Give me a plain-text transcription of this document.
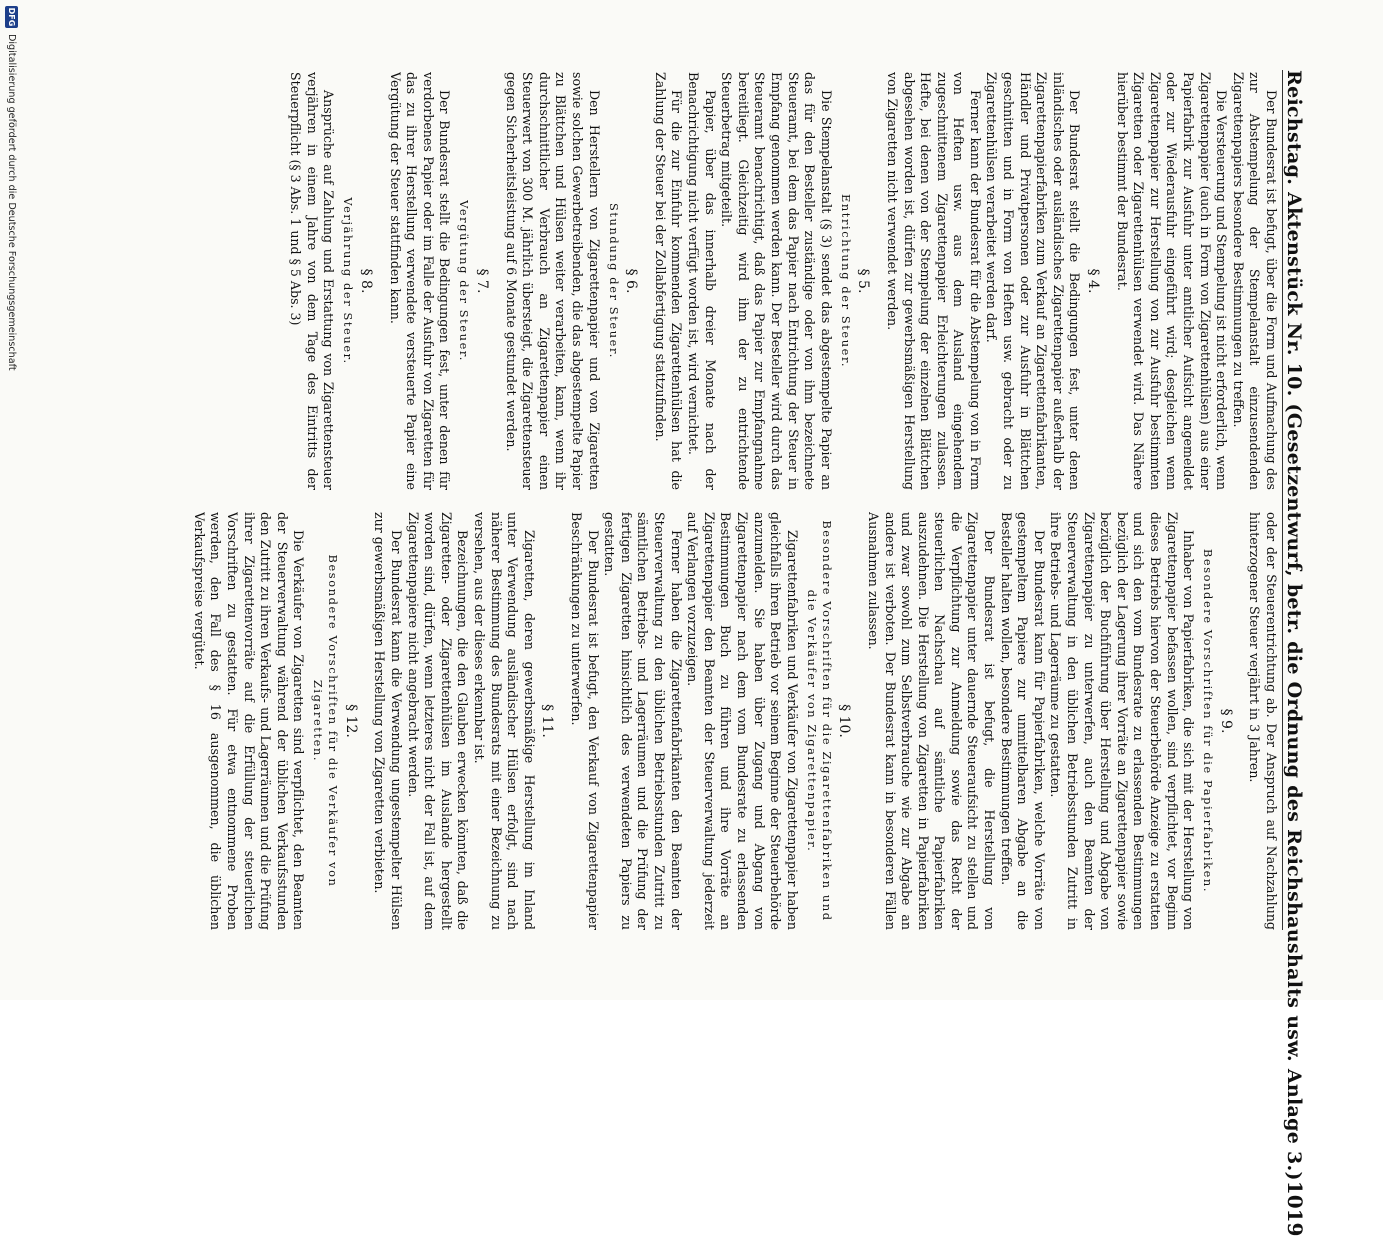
Reichstag. Aktenstück Nr. 10. (Gesetzentwurf, betr. die Ordnung des Reichshaushalts usw. Anlage 3.)
1019

Der Bundesrat ist befugt, über die Form und Aufmachung des zur Abstempelung der Stempelanstalt einzusendenden Zigarettenpapiers besondere Bestimmungen zu treffen.

Die Versteuerung und Stempelung ist nicht erforderlich, wenn Zigarettenpapier (auch in Form von Zigarettenhülsen) aus einer Papierfabrik zur Ausfuhr unter amtlicher Aufsicht angemeldet oder zur Wiederausfuhr eingeführt wird; desgleichen wenn Zigarettenpapier zur Herstellung von zur Ausfuhr bestimmten Zigaretten oder Zigarettenhülsen verwendet wird. Das Nähere hierüber bestimmt der Bundesrat.

§ 4.

Der Bundesrat stellt die Bedingungen fest, unter denen inländisches oder ausländisches Zigarettenpapier außerhalb der Zigarettenpapierfabriken zum Verkauf an Zigarettenfabrikanten, Händler und Privatpersonen oder zur Ausfuhr in Blättchen geschnitten und in Form von Heften usw. gebracht oder zu Zigarettenhülsen verarbeitet werden darf.

Ferner kann der Bundesrat für die Abstempelung von in Form von Heften usw. aus dem Ausland eingehendem zugeschnittenem Zigarettenpapier Erleichterungen zulassen. Hefte, bei denen von der Stempelung der einzelnen Blättchen abgesehen worden ist, dürfen zur gewerbsmäßigen Herstellung von Zigaretten nicht verwendet werden.

§ 5.
Entrichtung der Steuer.

Die Stempelanstalt (§ 3) sendet das abgestempelte Papier an das für den Besteller zuständige oder von ihm bezeichnete Steueramt, bei dem das Papier nach Entrichtung der Steuer in Empfang genommen werden kann. Der Besteller wird durch das Steueramt benachrichtigt, daß das Papier zur Empfangnahme bereitliegt. Gleichzeitig wird ihm der zu entrichtende Steuerbetrag mitgeteilt.

Papier, über das innerhalb dreier Monate nach der Benachrichtigung nicht verfügt worden ist, wird vernichtet.

Für die zur Einfuhr kommenden Zigarettenhülsen hat die Zahlung der Steuer bei der Zollabfertigung stattzufinden.

§ 6.
Stundung der Steuer.

Den Herstellern von Zigarettenpapier und von Zigaretten sowie solchen Gewerbetreibenden, die das abgestempelte Papier zu Blättchen und Hülsen weiter verarbeiten, kann, wenn ihr durchschnittlicher Verbrauch an Zigarettenpapier einen Steuerwert von 300 M. jährlich übersteigt, die Zigarettensteuer gegen Sicherheitsleistung auf 6 Monate gestundet werden.

§ 7.
Vergütung der Steuer.

Der Bundesrat stellt die Bedingungen fest, unter denen für verdorbenes Papier oder im Falle der Ausfuhr von Zigaretten für das zu ihrer Herstellung verwendete versteuerte Papier eine Vergütung der Steuer stattfinden kann.

§ 8.
Verjährung der Steuer.

Ansprüche auf Zahlung und Erstattung von Zigarettensteuer verjähren in einem Jahre von dem Tage des Eintritts der Steuerpflicht (§ 3 Abs. 1 und § 5 Abs. 3)

oder der Steuerentrichtung ab. Der Anspruch auf Nachzahlung hinterzogener Steuer verjährt in 3 Jahren.

§ 9.
Besondere Vorschriften für die Papierfabriken.

Inhaber von Papierfabriken, die sich mit der Herstellung von Zigarettenpapier befassen wollen, sind verpflichtet, vor Beginn dieses Betriebs hiervon der Steuerbehörde Anzeige zu erstatten und sich den vom Bundesrate zu erlassenden Bestimmungen bezüglich der Lagerung ihrer Vorräte an Zigarettenpapier sowie bezüglich der Buchführung über Herstellung und Abgabe von Zigarettenpapier zu unterwerfen, auch den Beamten der Steuerverwaltung in den üblichen Betriebsstunden Zutritt in ihre Betriebs- und Lagerräume zu gestatten.

Der Bundesrat kann für Papierfabriken, welche Vorräte von gestempeltem Papiere zur unmittelbaren Abgabe an die Besteller halten wollen, besondere Bestimmungen treffen.

Der Bundesrat ist befugt, die Herstellung von Zigarettenpapier unter dauernde Steueraufsicht zu stellen und die Verpflichtung zur Anmeldung sowie das Recht der steuerlichen Nachschau auf sämtliche Papierfabriken auszudehnen. Die Herstellung von Zigaretten in Papierfabriken und zwar sowohl zum Selbstverbrauche wie zur Abgabe an andere ist verboten. Der Bundesrat kann in besonderen Fällen Ausnahmen zulassen.

§ 10.
Besondere Vorschriften für die Zigarettenfabriken und die Verkäufer von Zigarettenpapier.

Zigarettenfabriken und Verkäufer von Zigarettenpapier haben gleichfalls ihren Betrieb vor seinem Beginne der Steuerbehörde anzumelden. Sie haben über Zugang und Abgang von Zigarettenpapier nach dem vom Bundesrate zu erlassenden Bestimmungen Buch zu führen und ihre Vorräte an Zigarettenpapier den Beamten der Steuerverwaltung jederzeit auf Verlangen vorzuzeigen.

Ferner haben die Zigarettenfabrikanten den Beamten der Steuerverwaltung zu den üblichen Betriebsstunden Zutritt zu sämtlichen Betriebs- und Lagerräumen und die Prüfung der fertigen Zigaretten hinsichtlich des verwendeten Papiers zu gestatten.

Der Bundesrat ist befugt, den Verkauf von Zigarettenpapier Beschränkungen zu unterwerfen.

§ 11.

Zigaretten, deren gewerbsmäßige Herstellung im Inland unter Verwendung ausländischer Hülsen erfolgt, sind nach näherer Bestimmung des Bundesrats mit einer Bezeichnung zu versehen, aus der dieses erkennbar ist.

Bezeichnungen, die den Glauben erwecken könnten, daß die Zigaretten- oder Zigarettenhülsen im Auslande hergestellt worden sind, dürfen, wenn letzteres nicht der Fall ist, auf dem Zigarettenpapiere nicht angebracht werden.

Der Bundesrat kann die Verwendung ungestempelter Hülsen zur gewerbsmäßigen Herstellung von Zigaretten verbieten.

§ 12.
Besondere Vorschriften für die Verkäufer von Zigaretten.

Die Verkäufer von Zigaretten sind verpflichtet, den Beamten der Steuerverwaltung während der üblichen Verkaufsstunden den Zutritt zu ihren Verkaufs- und Lagerräumen und die Prüfung ihrer Zigarettenvorräte auf die Erfüllung der steuerlichen Vorschriften zu gestatten. Für etwa entnommene Proben werden, den Fall des § 16 ausgenommen, die üblichen Verkaufspreise vergütet.

DFG
Digitalisierung gefördert durch die Deutsche Forschungsgemeinschaft
